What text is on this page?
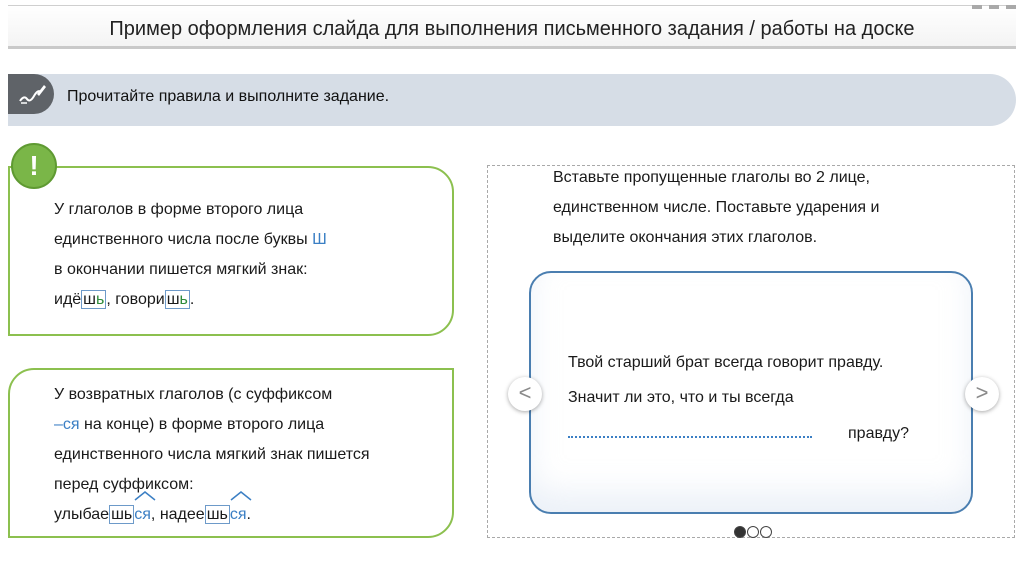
Пример оформления слайда для выполнения письменного задания / работы на доске
Прочитайте правила и выполните задание.
!
У глаголов в форме второго лица
единственного числа после буквы Ш
в окончании пишется мягкий знак:
идё шь , говори шь .
У возвратных глаголов (с суффиксом
–ся на конце) в форме второго лица
единственного числа мягкий знак пишется
перед суффиксом:
улыбае шь ся, надее шь ся.
Вставьте пропущенные глаголы во 2 лице,
единственном числе. Поставьте ударения и
выделите окончания этих глаголов.
Твой старший брат всегда говорит правду.
Значит ли это, что и ты всегда
правду?
<	>
